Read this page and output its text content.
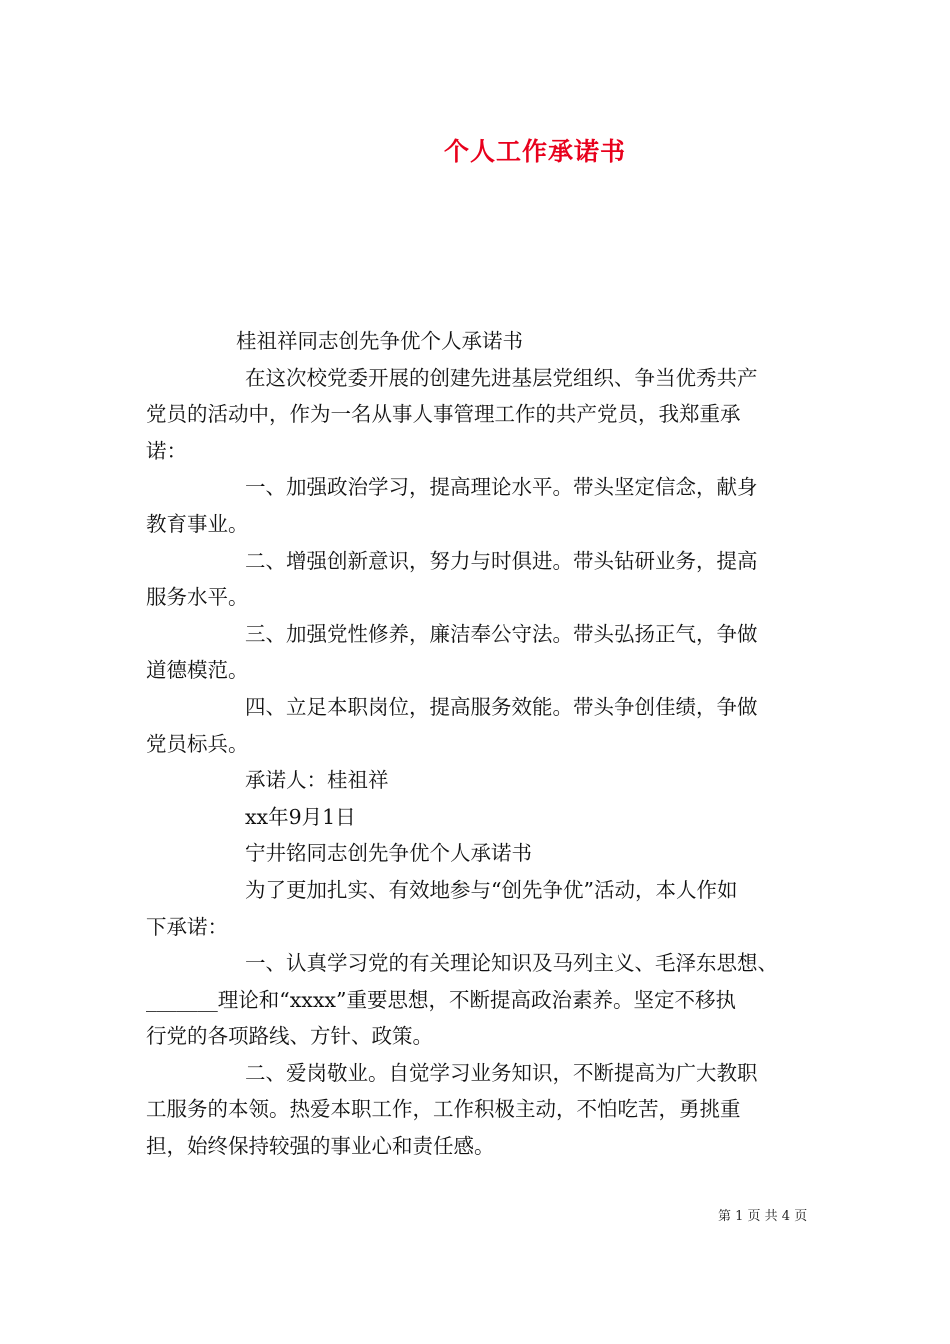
个人工作承诺书
桂祖祥同志创先争优个人承诺书
在这次校党委开展的创建先进基层党组织、争当优秀共产
党员的活动中，作为一名从事人事管理工作的共产党员，我郑重承
诺：
一、加强政治学习，提高理论水平。带头坚定信念，献身
教育事业。
二、增强创新意识，努力与时俱进。带头钻研业务，提高
服务水平。
三、加强党性修养，廉洁奉公守法。带头弘扬正气，争做
道德模范。
四、立足本职岗位，提高服务效能。带头争创佳绩，争做
党员标兵。
承诺人：桂祖祥
xx年9月1日
宁井铭同志创先争优个人承诺书
为了更加扎实、有效地参与“创先争优”活动，本人作如
下承诺：
一、认真学习党的有关理论知识及马列主义、毛泽东思想、
_______理论和“xxxx”重要思想，不断提高政治素养。坚定不移执
行党的各项路线、方针、政策。
二、爱岗敬业。自觉学习业务知识，不断提高为广大教职
工服务的本领。热爱本职工作，工作积极主动，不怕吃苦，勇挑重
担，始终保持较强的事业心和责任感。
第 1 页 共 4 页
